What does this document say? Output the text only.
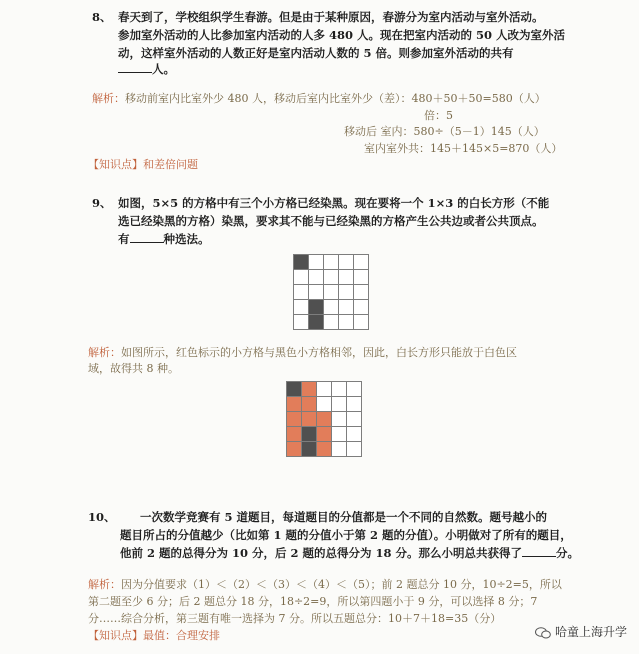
8、 春天到了，学校组织学生春游。但是由于某种原因，春游分为室内活动与室外活动。
参加室外活动的人比参加室内活动的人多 480 人。现在把室内活动的 50 人改为室外活
动，这样室外活动的人数正好是室内活动人数的 5 倍。则参加室外活动的共有
人。
解析：移动前室内比室外少 480 人，移动后室内比室外少（差）：480＋50＋50=580（人）
倍：5
移动后 室内：580÷（5－1）145（人）
室内室外共：145＋145×5=870（人）
【知识点】和差倍问题
9、 如图，5×5 的方格中有三个小方格已经染黑。现在要将一个 1×3 的白长方形（不能
选已经染黑的方格）染黑，要求其不能与已经染黑的方格产生公共边或者公共顶点。
有	种选法。
解析：如图所示，红色标示的小方格与黑色小方格相邻，因此，白长方形只能放于白色区
域，故得共 8 种。
10、 一次数学竞赛有 5 道题目，每道题目的分值都是一个不同的自然数。题号越小的
题目所占的分值越少（比如第 1 题的分值小于第 2 题的分值）。小明做对了所有的题目，
他前 2 题的总得分为 10 分，后 2 题的总得分为 18 分。那么小明总共获得了	分。
解析：因为分值要求（1）＜（2）＜（3）＜（4）＜（5）；前 2 题总分 10 分，10÷2=5，所以
第二题至少 6 分；后 2 题总分 18 分，18÷2=9，所以第四题小于 9 分，可以选择 8 分；7
分……综合分析，第三题有唯一选择为 7 分。所以五题总分：10＋7＋18=35（分）
【知识点】最值：合理安排	哈童上海升学
